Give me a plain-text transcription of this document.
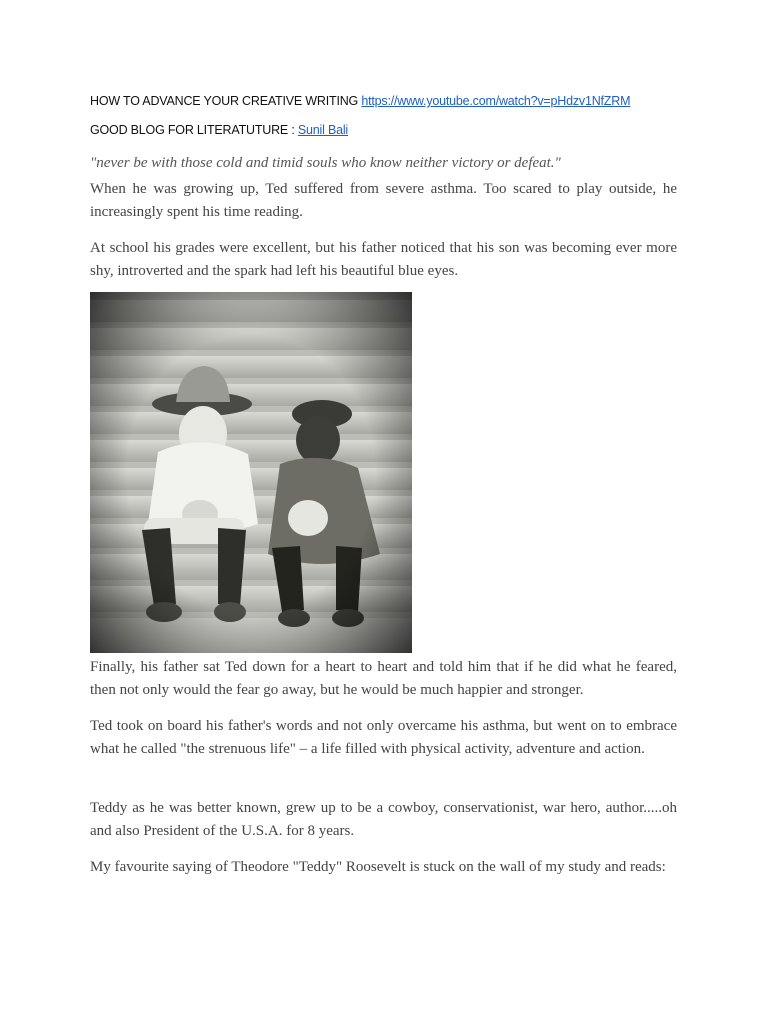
HOW TO ADVANCE YOUR CREATIVE WRITING https://www.youtube.com/watch?v=pHdzv1NfZRM
GOOD BLOG FOR LITERATUTURE : Sunil Bali
"never be with those cold and timid souls who know neither victory or defeat."

When he was growing up, Ted suffered from severe asthma. Too scared to play outside, he increasingly spent his time reading.

At school his grades were excellent, but his father noticed that his son was becoming ever more shy, introverted and the spark had left his beautiful blue eyes.

Finally, his father sat Ted down for a heart to heart and told him that if he did what he feared, then not only would the fear go away, but he would be much happier and stronger.

Ted took on board his father's words and not only overcame his asthma, but went on to embrace what he called "the strenuous life" – a life filled with physical activity, adventure and action.

Teddy as he was better known, grew up to be a cowboy, conservationist, war hero, author.....oh and also President of the U.S.A. for 8 years.

My favourite saying of Theodore "Teddy" Roosevelt is stuck on the wall of my study and reads:
